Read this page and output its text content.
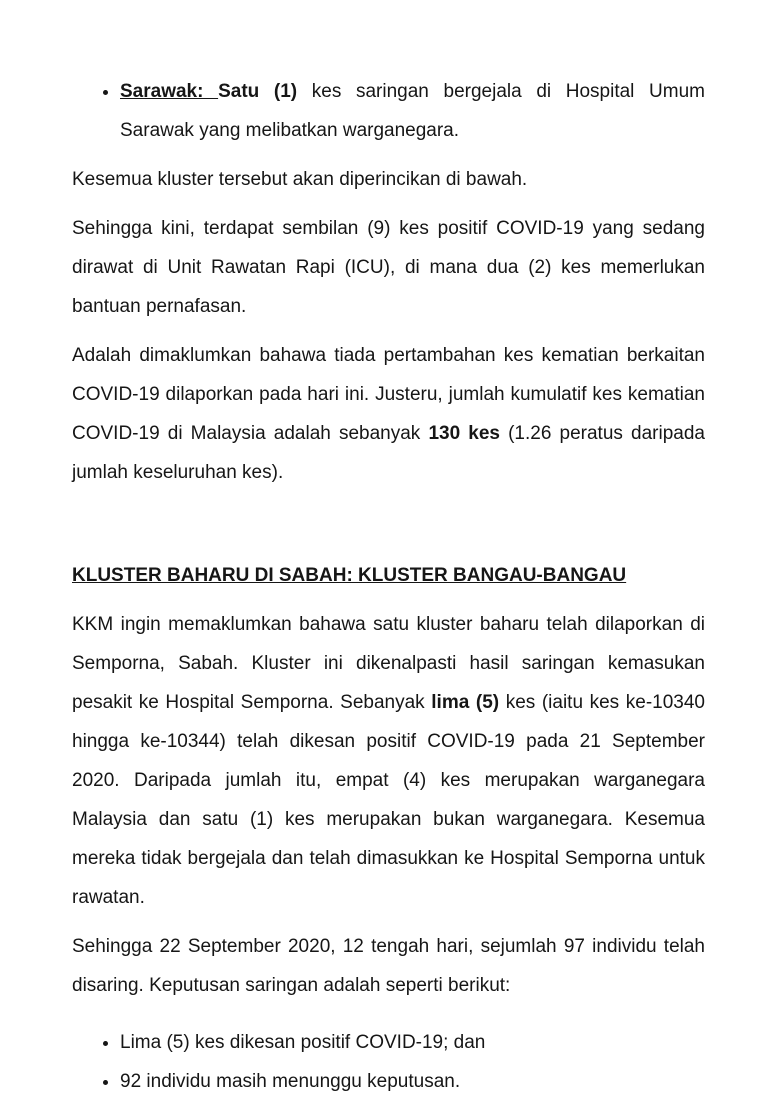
• Sarawak: Satu (1) kes saringan bergejala di Hospital Umum Sarawak yang melibatkan warganegara.

Kesemua kluster tersebut akan diperincikan di bawah.

Sehingga kini, terdapat sembilan (9) kes positif COVID-19 yang sedang dirawat di Unit Rawatan Rapi (ICU), di mana dua (2) kes memerlukan bantuan pernafasan.

Adalah dimaklumkan bahawa tiada pertambahan kes kematian berkaitan COVID-19 dilaporkan pada hari ini. Justeru, jumlah kumulatif kes kematian COVID-19 di Malaysia adalah sebanyak 130 kes (1.26 peratus daripada jumlah keseluruhan kes).

KLUSTER BAHARU DI SABAH: KLUSTER BANGAU-BANGAU

KKM ingin memaklumkan bahawa satu kluster baharu telah dilaporkan di Semporna, Sabah. Kluster ini dikenalpasti hasil saringan kemasukan pesakit ke Hospital Semporna. Sebanyak lima (5) kes (iaitu kes ke-10340 hingga ke-10344) telah dikesan positif COVID-19 pada 21 September 2020. Daripada jumlah itu, empat (4) kes merupakan warganegara Malaysia dan satu (1) kes merupakan bukan warganegara. Kesemua mereka tidak bergejala dan telah dimasukkan ke Hospital Semporna untuk rawatan.

Sehingga 22 September 2020, 12 tengah hari, sejumlah 97 individu telah disaring. Keputusan saringan adalah seperti berikut:

• Lima (5) kes dikesan positif COVID-19; dan
• 92 individu masih menunggu keputusan.
